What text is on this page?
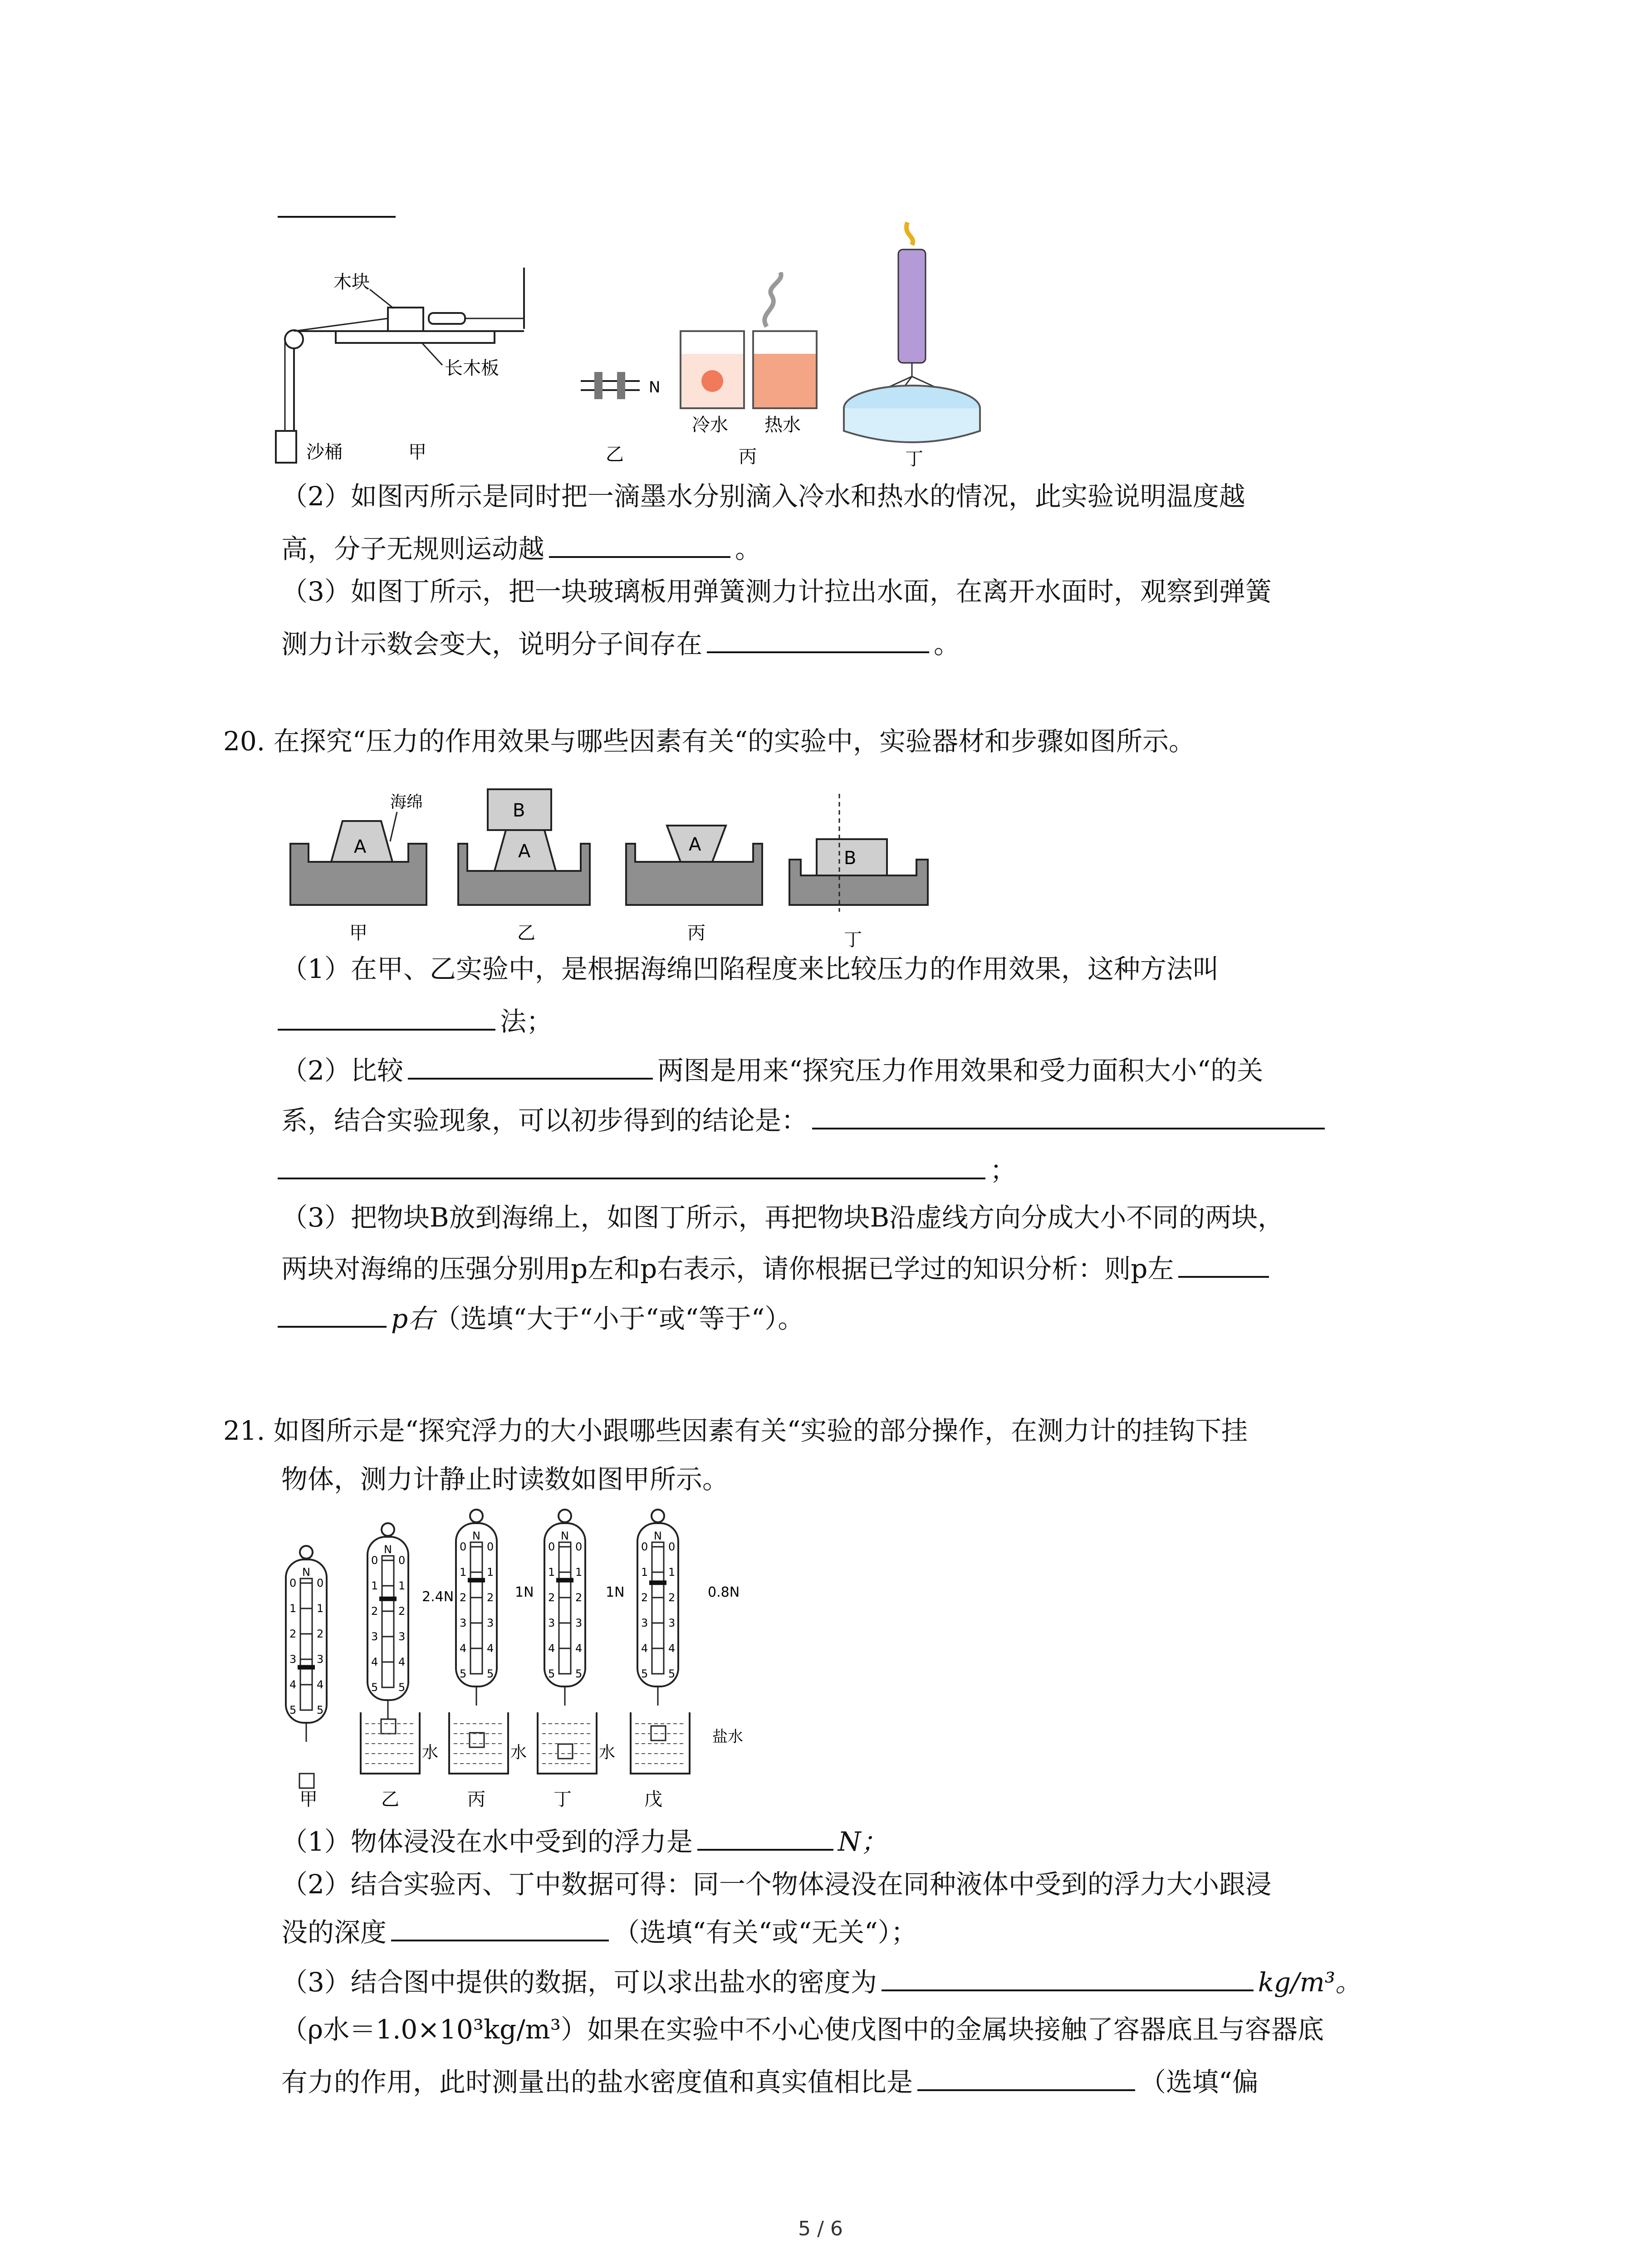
木块
长木板
沙桶	甲
N
乙
冷水 热水
丙	丁
（2）如图丙所示是同时把一滴墨水分别滴入冷水和热水的情况，此实验说明温度越
高，分子无规则运动越	。
（3）如图丁所示，把一块玻璃板用弹簧测力计拉出水面，在离开水面时，观察到弹簧
测力计示数会变大，说明分子间存在	。
20. 在探究“压力的作用效果与哪些因素有关“的实验中，实验器材和步骤如图所示。
A
海绵
甲
B
A
乙
A
丙
B
丁
（1）在甲、乙实验中，是根据海绵凹陷程度来比较压力的作用效果，这种方法叫
法；
（2）比较	两图是用来“探究压力作用效果和受力面积大小“的关
系，结合实验现象，可以初步得到的结论是：
；
（3）把物块B放到海绵上，如图丁所示，再把物块B沿虚线方向分成大小不同的两块，
两块对海绵的压强分别用p左和p右表示，请你根据已学过的知识分析：则p左
p右（选填“大于“小于“或“等于“）。
21. 如图所示是“探究浮力的大小跟哪些因素有关“实验的部分操作，在测力计的挂钩下挂
物体，测力计静止时读数如图甲所示。
N
0 0
1 1
2 2
3 3
4 4
5 5
N
0 0
1 1
2 2
3 3
4 4
5 5
N
0 0
1 1
2 2
3 3
4 4
5 5
N
0 0
1 1
2 2
3 3
4 4
5 5
N
0 0
1 1
2 2
3 3
4 4
5 5
甲	乙	丙	丁	戊
2.4N	1N	1N	0.8N
水	水	水
盐水
（1）物体浸没在水中受到的浮力是	N；
（2）结合实验丙、丁中数据可得：同一个物体浸没在同种液体中受到的浮力大小跟浸
没的深度	（选填“有关“或“无关“）；
（3）结合图中提供的数据，可以求出盐水的密度为	kg/m³。
（ρ水＝1.0×10³kg/m³）如果在实验中不小心使戊图中的金属块接触了容器底且与容器底
有力的作用，此时测量出的盐水密度值和真实值相比是	（选填“偏
5 / 6
